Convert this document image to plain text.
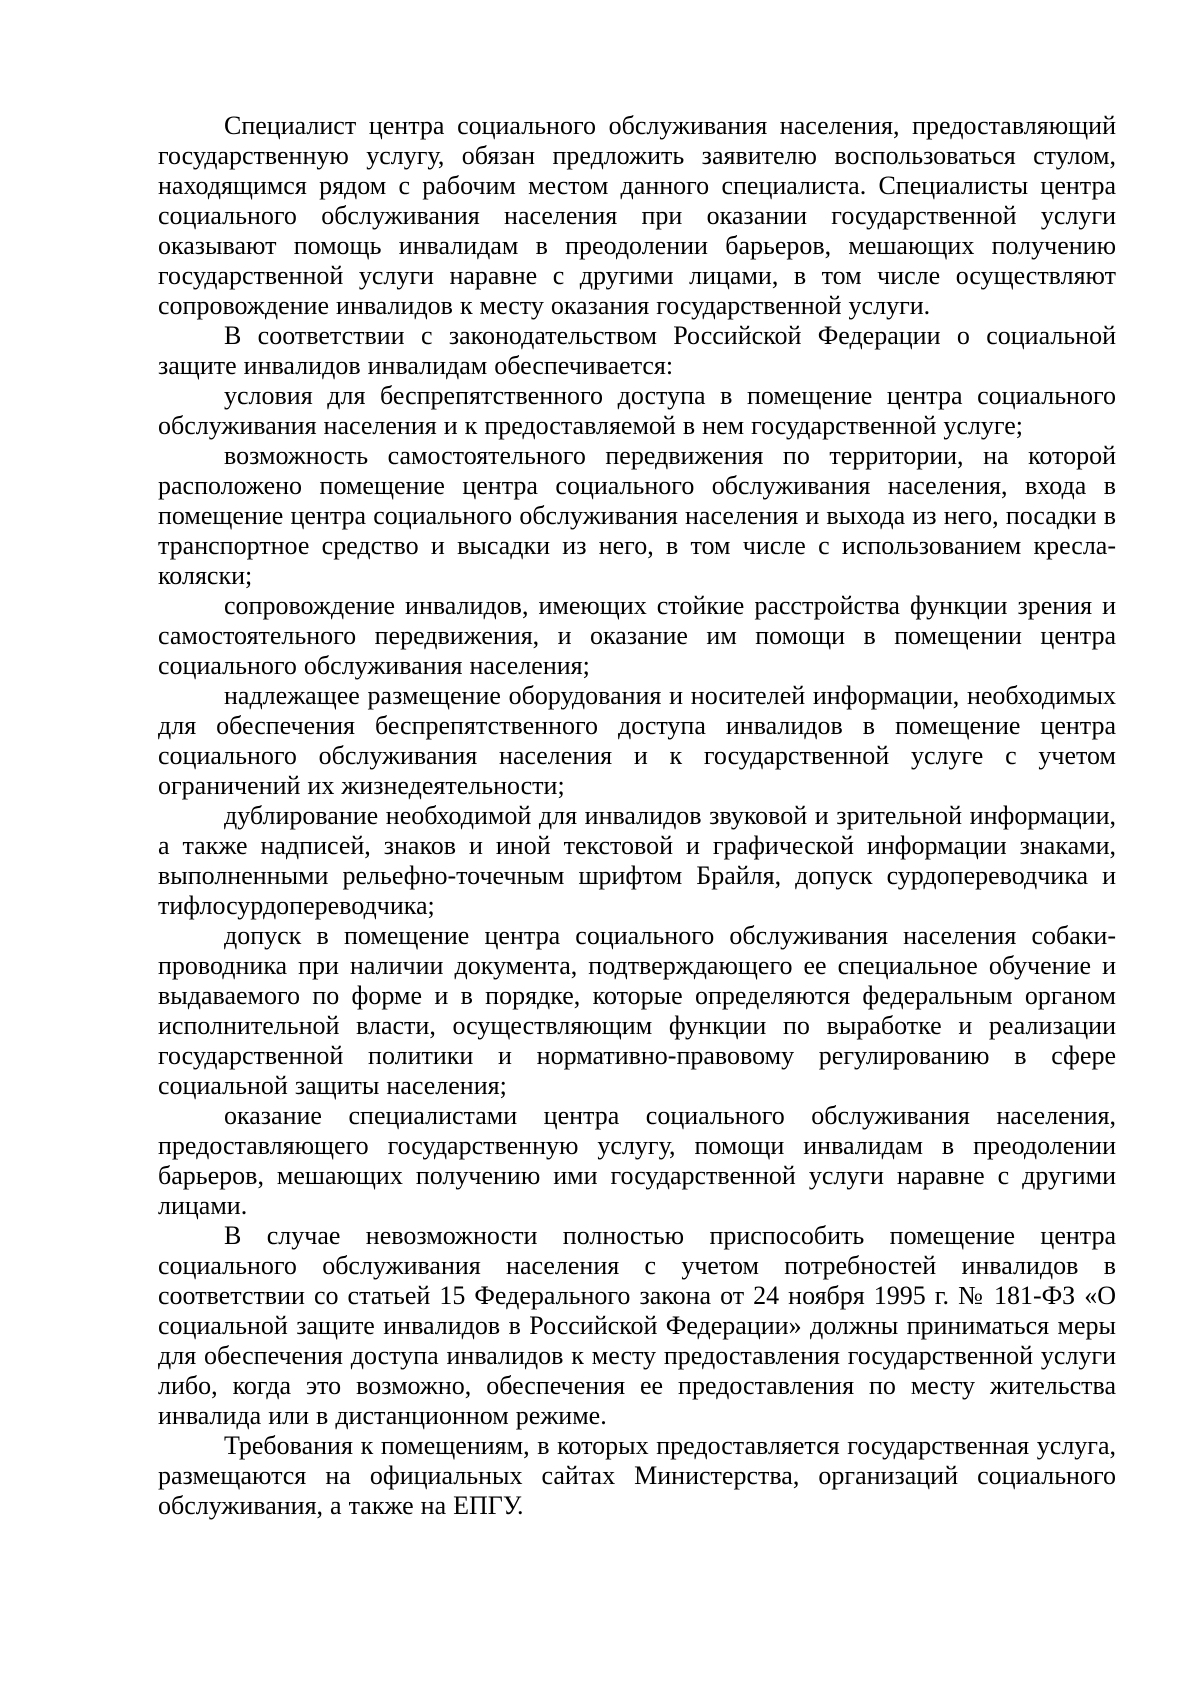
Специалист центра социального обслуживания населения, предоставляющий государственную услугу, обязан предложить заявителю воспользоваться стулом, находящимся рядом с рабочим местом данного специалиста. Специалисты центра социального обслуживания населения при оказании государственной услуги оказывают помощь инвалидам в преодолении барьеров, мешающих получению государственной услуги наравне с другими лицами, в том числе осуществляют сопровождение инвалидов к месту оказания государственной услуги.

В соответствии с законодательством Российской Федерации о социальной защите инвалидов инвалидам обеспечивается:

условия для беспрепятственного доступа в помещение центра социального обслуживания населения и к предоставляемой в нем государственной услуге;

возможность самостоятельного передвижения по территории, на которой расположено помещение центра социального обслуживания населения, входа в помещение центра социального обслуживания населения и выхода из него, посадки в транспортное средство и высадки из него, в том числе с использованием кресла-коляски;

сопровождение инвалидов, имеющих стойкие расстройства функции зрения и самостоятельного передвижения, и оказание им помощи в помещении центра социального обслуживания населения;

надлежащее размещение оборудования и носителей информации, необходимых для обеспечения беспрепятственного доступа инвалидов в помещение центра социального обслуживания населения и к государственной услуге с учетом ограничений их жизнедеятельности;

дублирование необходимой для инвалидов звуковой и зрительной информации, а также надписей, знаков и иной текстовой и графической информации знаками, выполненными рельефно-точечным шрифтом Брайля, допуск сурдопереводчика и тифлосурдопереводчика;

допуск в помещение центра социального обслуживания населения собаки-проводника при наличии документа, подтверждающего ее специальное обучение и выдаваемого по форме и в порядке, которые определяются федеральным органом исполнительной власти, осуществляющим функции по выработке и реализации государственной политики и нормативно-правовому регулированию в сфере социальной защиты населения;

оказание специалистами центра социального обслуживания населения, предоставляющего государственную услугу, помощи инвалидам в преодолении барьеров, мешающих получению ими государственной услуги наравне с другими лицами.

В случае невозможности полностью приспособить помещение центра социального обслуживания населения с учетом потребностей инвалидов в соответствии со статьей 15 Федерального закона от 24 ноября 1995 г. № 181-ФЗ «О социальной защите инвалидов в Российской Федерации» должны приниматься меры для обеспечения доступа инвалидов к месту предоставления государственной услуги либо, когда это возможно, обеспечения ее предоставления по месту жительства инвалида или в дистанционном режиме.

Требования к помещениям, в которых предоставляется государственная услуга, размещаются на официальных сайтах Министерства, организаций социального обслуживания, а также на ЕПГУ.
